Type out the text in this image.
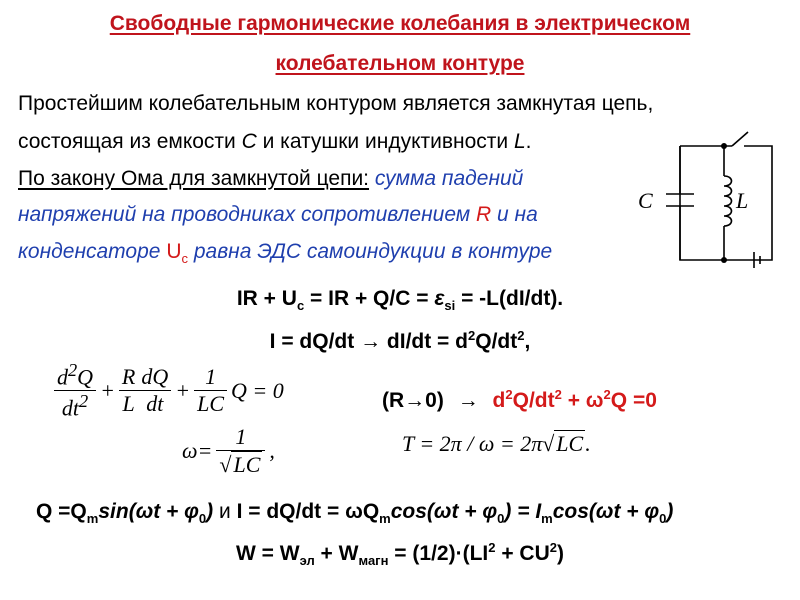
Свободные гармонические колебания в электрическом
колебательном контуре
Простейшим колебательным контуром является замкнутая цепь,
состоящая из емкости C и катушки индуктивности L.
По закону Ома для замкнутой цепи: сумма падений
напряжений на проводниках сопротивлением R и на
конденсаторе $U_c$ равна ЭДС самоиндукции в контуре
C	L
IR + $U_c$ = IR + $Q/C = \varepsilon_{si} = -L(dI/dt)$.
$I = dQ/dt \to dI/dt = d^2Q/dt^2$,
$\frac{d^2Q}{dt^2} + \frac{R}{L} \frac{dQ}{dt} + \frac{1}{LC}$ Q = 0	$(R\to 0) \to d^2Q/dt^2 + \omega^2Q =0$
$\omega= \frac{1}{√LC}$ ,	T = 2π / ω = 2π√LC.
$Q =Q_m\sin(\omega t + \varphi_0)$ и $I = dQ/dt = \omega Q_m\cos(\omega t + \varphi_0) = I_m\cos(\omega t + \varphi_0)$
$W = W_{эл} + W_{магн} = (1/2)\cdot(LI^2 + CU^2)$
